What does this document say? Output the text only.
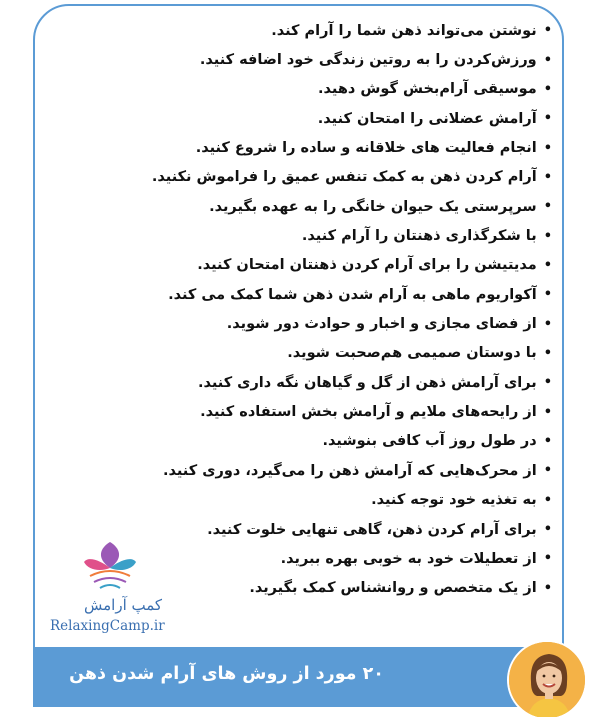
•
نوشتن می‌تواند ذهن شما را آرام کند.
•
ورزش‌کردن را به روتین زندگی خود اضافه کنید.
•
موسیقی آرام‌بخش گوش دهید.
•
آرامش عضلانی را امتحان کنید.
•
انجام فعالیت های خلاقانه و ساده را شروع کنید.
•
آرام کردن ذهن به کمک تنفس عمیق را فراموش نکنید.
•
سرپرستی یک حیوان خانگی را به عهده بگیرید.
•
با شکرگذاری ذهنتان را آرام کنید.
•
مدیتیشن را برای آرام کردن ذهنتان امتحان کنید.
•
آکواریوم ماهی به آرام شدن ذهن شما کمک می کند.
•
از فضای مجازی و اخبار و حوادث دور شوید.
•
با دوستان صمیمی هم‌صحبت شوید.
•
برای آرامش ذهن از گل و گیاهان نگه داری کنید.
•
از رایحه‌های ملایم و آرامش بخش استفاده کنید.
•
در طول روز آب کافی بنوشید.
•
از محرک‌هایی که آرامش ذهن را می‌گیرد، دوری کنید.
•
به تغذیه خود توجه کنید.
•
برای آرام کردن ذهن، گاهی تنهایی خلوت کنید.
•
از تعطیلات خود به خوبی بهره ببرید.
•
از یک متخصص و روانشناس کمک بگیرید.
کمپ آرامش
RelaxingCamp.ir
۲۰ مورد از روش های آرام شدن ذهن
